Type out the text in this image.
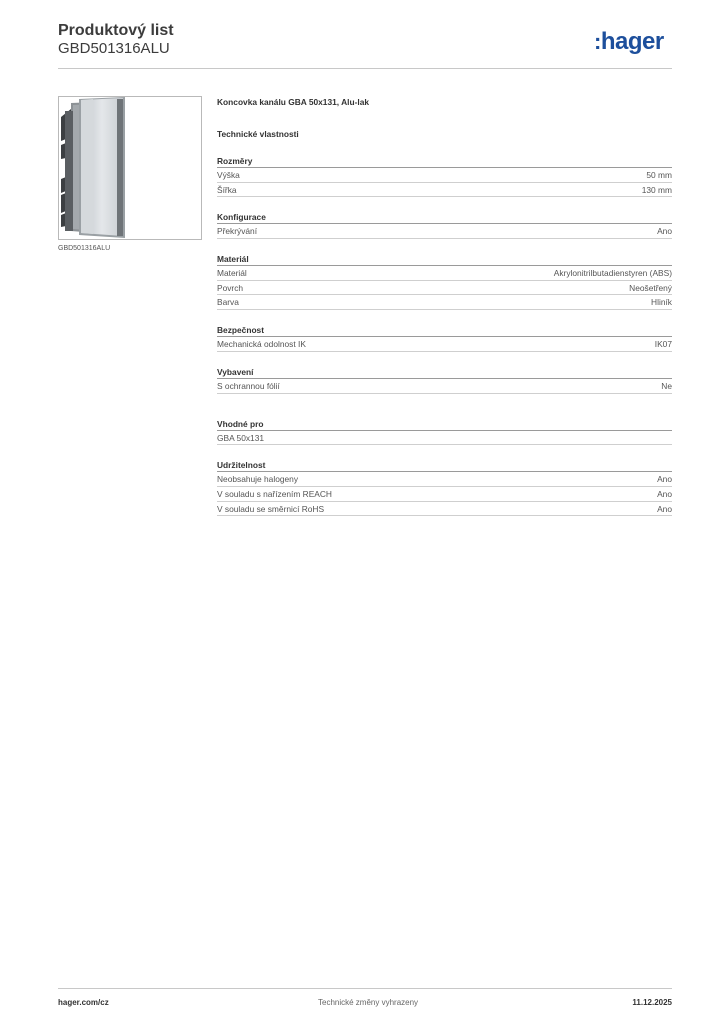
Produktový list
GBD501316ALU	:hager
GBD501316ALU
Koncovka kanálu GBA 50x131, Alu-lak
Technické vlastnosti
Rozměry
Výška	50 mm
Šířka	130 mm
Konfigurace
Překrývání	Ano
Materiál
Materiál	Akrylonitrilbutadienstyren (ABS)
Povrch	Neošetřený
Barva	Hliník
Bezpečnost
Mechanická odolnost IK	IK07
Vybavení
S ochrannou fólií	Ne
Vhodné pro
GBA 50x131
Udržitelnost
Neobsahuje halogeny	Ano
V souladu s nařízením REACH	Ano
V souladu se směrnicí RoHS	Ano
hager.com/cz	Technické změny vyhrazeny	11.12.2025
